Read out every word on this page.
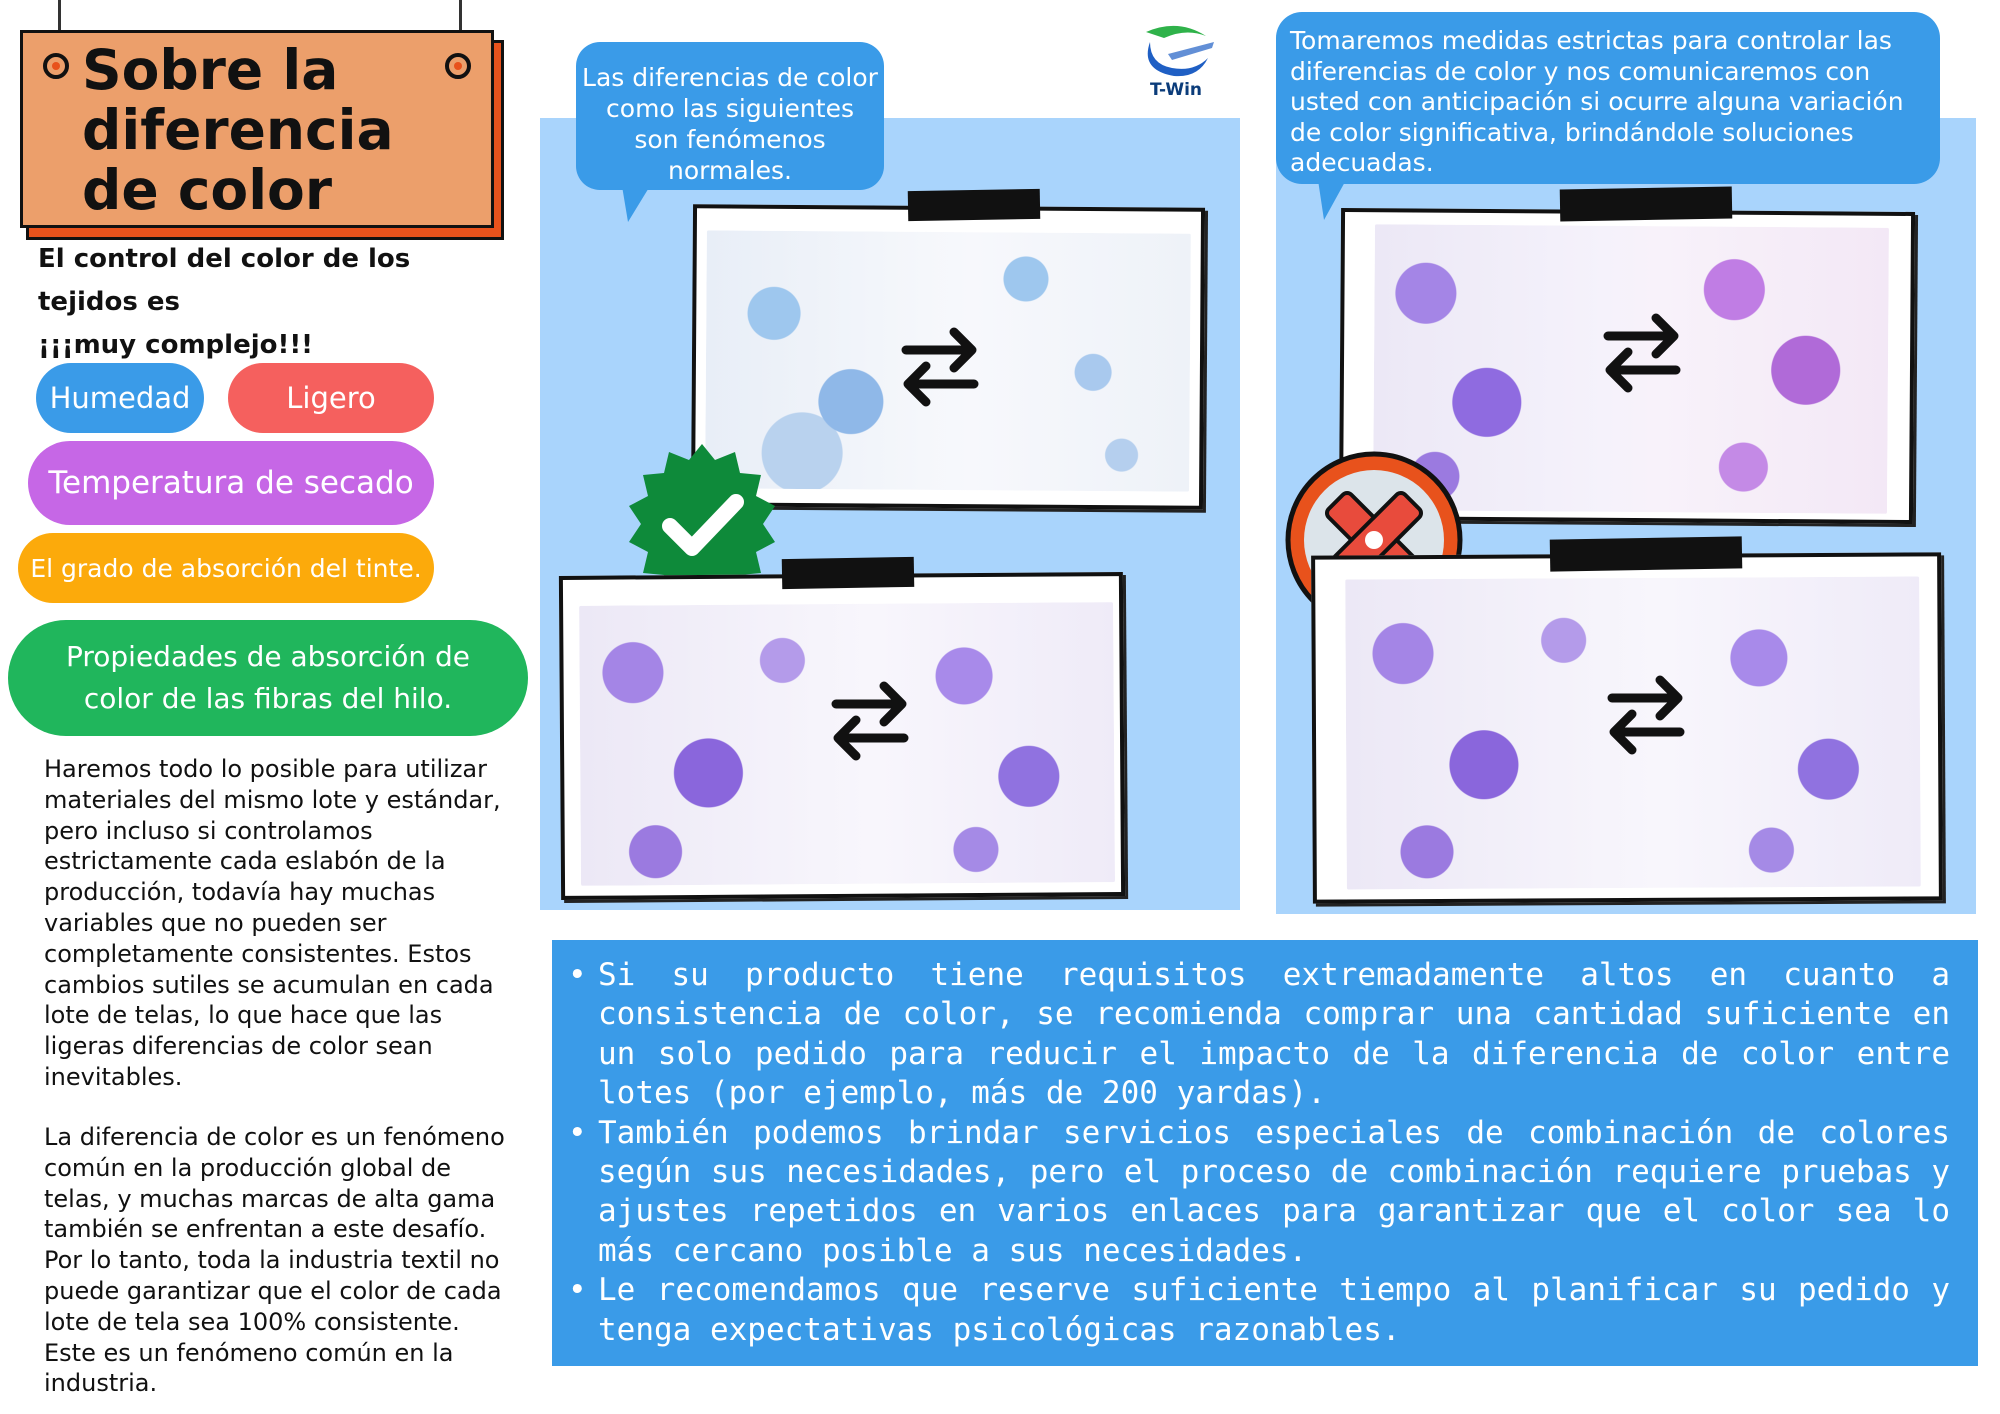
Sobre la diferencia de color
El control del color de los
tejidos es
¡¡¡muy complejo!!!
Humedad	Ligero
Temperatura de secado
El grado de absorción del tinte.
Propiedades de absorción de color de las fibras del hilo.
Haremos todo lo posible para utilizar materiales del mismo lote y estándar, pero incluso si controlamos estrictamente cada eslabón de la producción, todavía hay muchas variables que no pueden ser completamente consistentes. Estos cambios sutiles se acumulan en cada lote de telas, lo que hace que las ligeras diferencias de color sean inevitables.
La diferencia de color es un fenómeno común en la producción global de telas, y muchas marcas de alta gama también se enfrentan a este desafío. Por lo tanto, toda la industria textil no puede garantizar que el color de cada lote de tela sea 100% consistente. Este es un fenómeno común en la industria.
T-Win
Las diferencias de color como las siguientes son fenómenos normales.
Tomaremos medidas estrictas para controlar las diferencias de color y nos comunicaremos con usted con anticipación si ocurre alguna variación de color significativa, brindándole soluciones adecuadas.
• Si su producto tiene requisitos extremadamente altos en cuanto a consistencia de color, se recomienda comprar una cantidad suficiente en un solo pedido para reducir el impacto de la diferencia de color entre lotes (por ejemplo, más de 200 yardas).
• También podemos brindar servicios especiales de combinación de colores según sus necesidades, pero el proceso de combinación requiere pruebas y ajustes repetidos en varios enlaces para garantizar que el color sea lo más cercano posible a sus necesidades.
• Le recomendamos que reserve suficiente tiempo al planificar su pedido y tenga expectativas psicológicas razonables.
